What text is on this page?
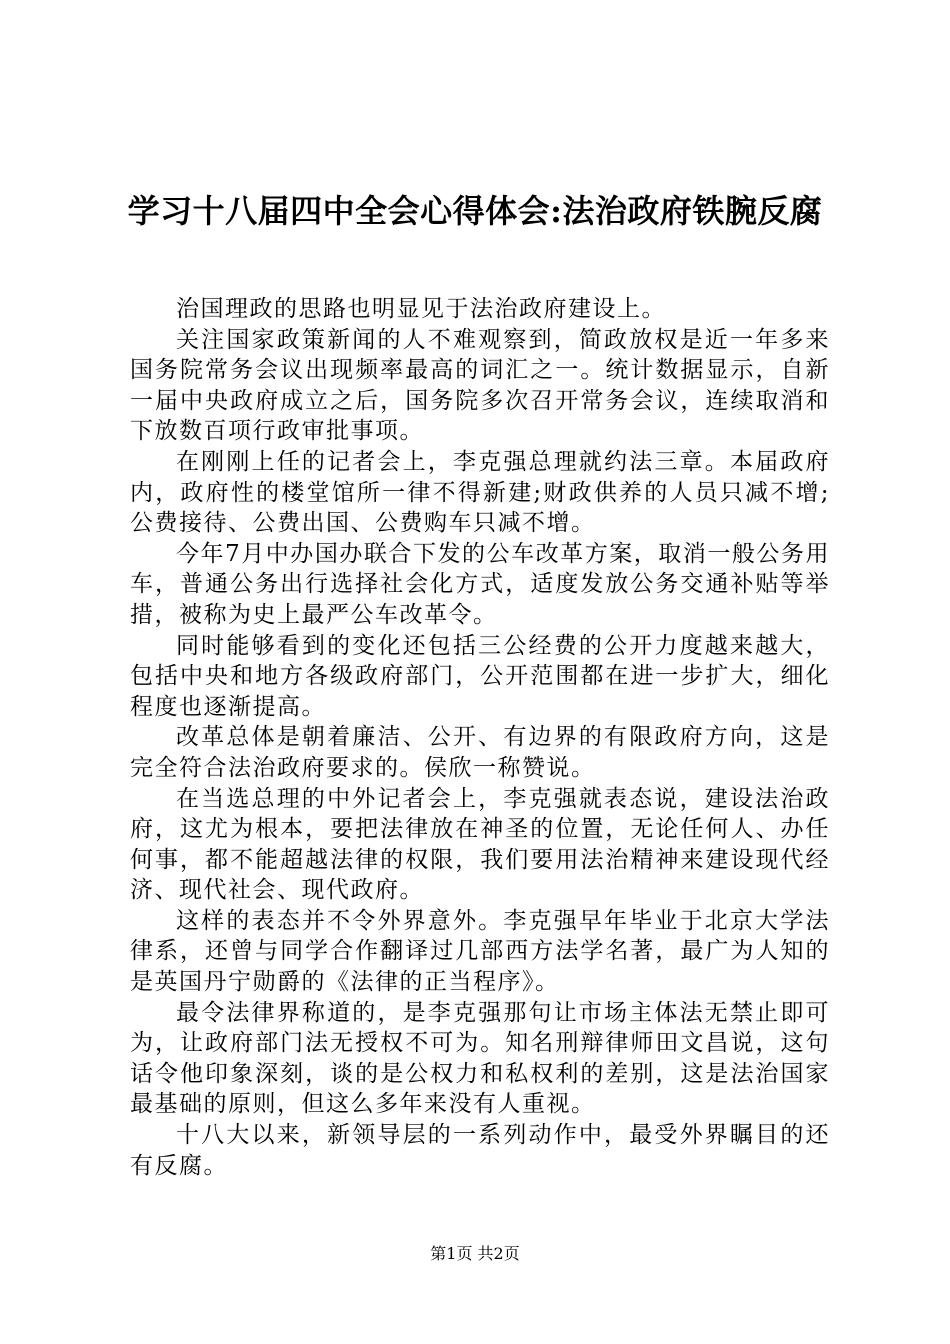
学习十八届四中全会心得体会:法治政府铁腕反腐

治国理政的思路也明显见于法治政府建设上。

关注国家政策新闻的人不难观察到，简政放权是近一年多来国务院常务会议出现频率最高的词汇之一。统计数据显示，自新一届中央政府成立之后，国务院多次召开常务会议，连续取消和下放数百项行政审批事项。

在刚刚上任的记者会上，李克强总理就约法三章。本届政府内，政府性的楼堂馆所一律不得新建;财政供养的人员只减不增;公费接待、公费出国、公费购车只减不增。

今年7月中办国办联合下发的公车改革方案，取消一般公务用车，普通公务出行选择社会化方式，适度发放公务交通补贴等举措，被称为史上最严公车改革令。

同时能够看到的变化还包括三公经费的公开力度越来越大，包括中央和地方各级政府部门，公开范围都在进一步扩大，细化程度也逐渐提高。

改革总体是朝着廉洁、公开、有边界的有限政府方向，这是完全符合法治政府要求的。侯欣一称赞说。

在当选总理的中外记者会上，李克强就表态说，建设法治政府，这尤为根本，要把法律放在神圣的位置，无论任何人、办任何事，都不能超越法律的权限，我们要用法治精神来建设现代经济、现代社会、现代政府。

这样的表态并不令外界意外。李克强早年毕业于北京大学法律系，还曾与同学合作翻译过几部西方法学名著，最广为人知的是英国丹宁勋爵的《法律的正当程序》。

最令法律界称道的，是李克强那句让市场主体法无禁止即可为，让政府部门法无授权不可为。知名刑辩律师田文昌说，这句话令他印象深刻，谈的是公权力和私权利的差别，这是法治国家最基础的原则，但这么多年来没有人重视。

十八大以来，新领导层的一系列动作中，最受外界瞩目的还有反腐。

第1页 共2页
